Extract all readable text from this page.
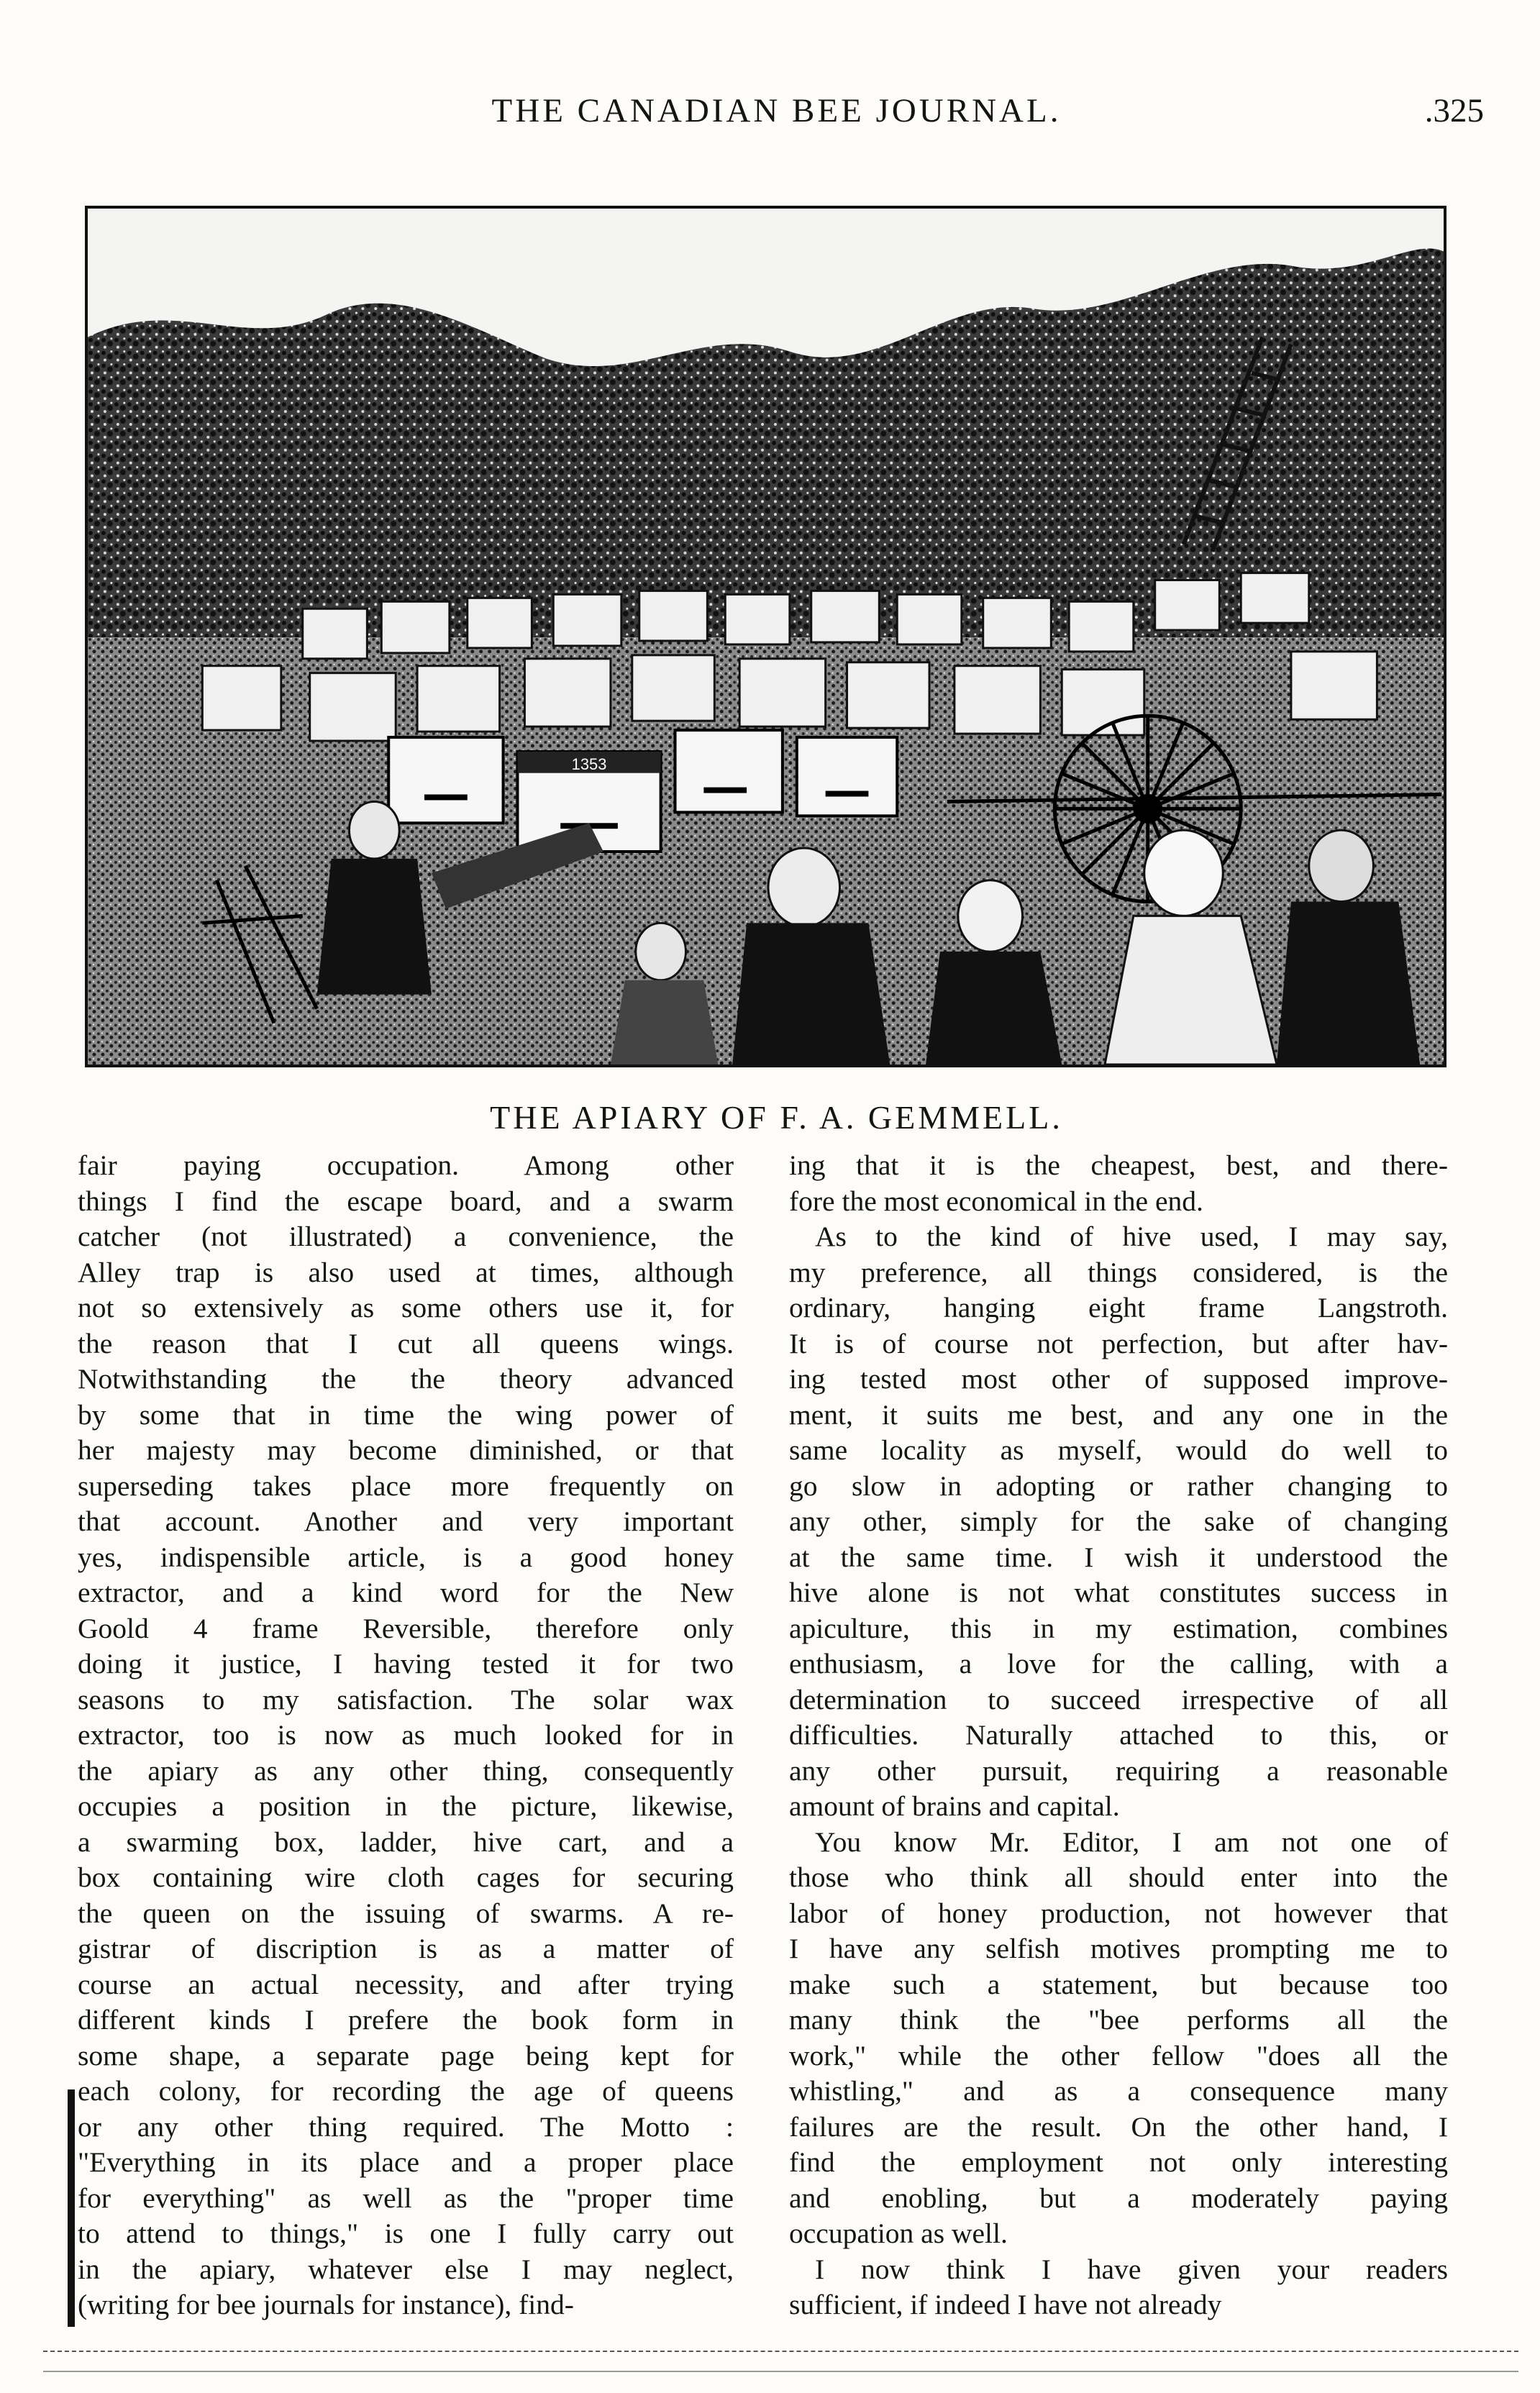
THE CANADIAN BEE JOURNAL.	.325
1353
THE APIARY OF F. A. GEMMELL.
fair paying occupation. Among other
things I find the escape board, and a swarm
catcher (not illustrated) a convenience, the
Alley trap is also used at times, although
not so extensively as some others use it, for
the reason that I cut all queens wings.
Notwithstanding the the theory advanced
by some that in time the wing power of
her majesty may become diminished, or that
superseding takes place more frequently on
that account. Another and very important
yes, indispensible article, is a good honey
extractor, and a kind word for the New
Goold 4 frame Reversible, therefore only
doing it justice, I having tested it for two
seasons to my satisfaction. The solar wax
extractor, too is now as much looked for in
the apiary as any other thing, consequently
occupies a position in the picture, likewise,
a swarming box, ladder, hive cart, and a
box containing wire cloth cages for securing
the queen on the issuing of swarms. A re-
gistrar of discription is as a matter of
course an actual necessity, and after trying
different kinds I prefere the book form in
some shape, a separate page being kept for
each colony, for recording the age of queens
or any other thing required. The Motto :
"Everything in its place and a proper place
for everything" as well as the "proper time
to attend to things," is one I fully carry out
in the apiary, whatever else I may neglect,
(writing for bee journals for instance), find-
ing that it is the cheapest, best, and there-
fore the most economical in the end.
As to the kind of hive used, I may say,
my preference, all things considered, is the
ordinary, hanging eight frame Langstroth.
It is of course not perfection, but after hav-
ing tested most other of supposed improve-
ment, it suits me best, and any one in the
same locality as myself, would do well to
go slow in adopting or rather changing to
any other, simply for the sake of changing
at the same time. I wish it understood the
hive alone is not what constitutes success in
apiculture, this in my estimation, combines
enthusiasm, a love for the calling, with a
determination to succeed irrespective of all
difficulties. Naturally attached to this, or
any other pursuit, requiring a reasonable
amount of brains and capital.
You know Mr. Editor, I am not one of
those who think all should enter into the
labor of honey production, not however that
I have any selfish motives prompting me to
make such a statement, but because too
many think the "bee performs all the
work," while the other fellow "does all the
whistling," and as a consequence many
failures are the result. On the other hand, I
find the employment not only interesting
and enobling, but a moderately paying
occupation as well.
I now think I have given your readers
sufficient, if indeed I have not already
